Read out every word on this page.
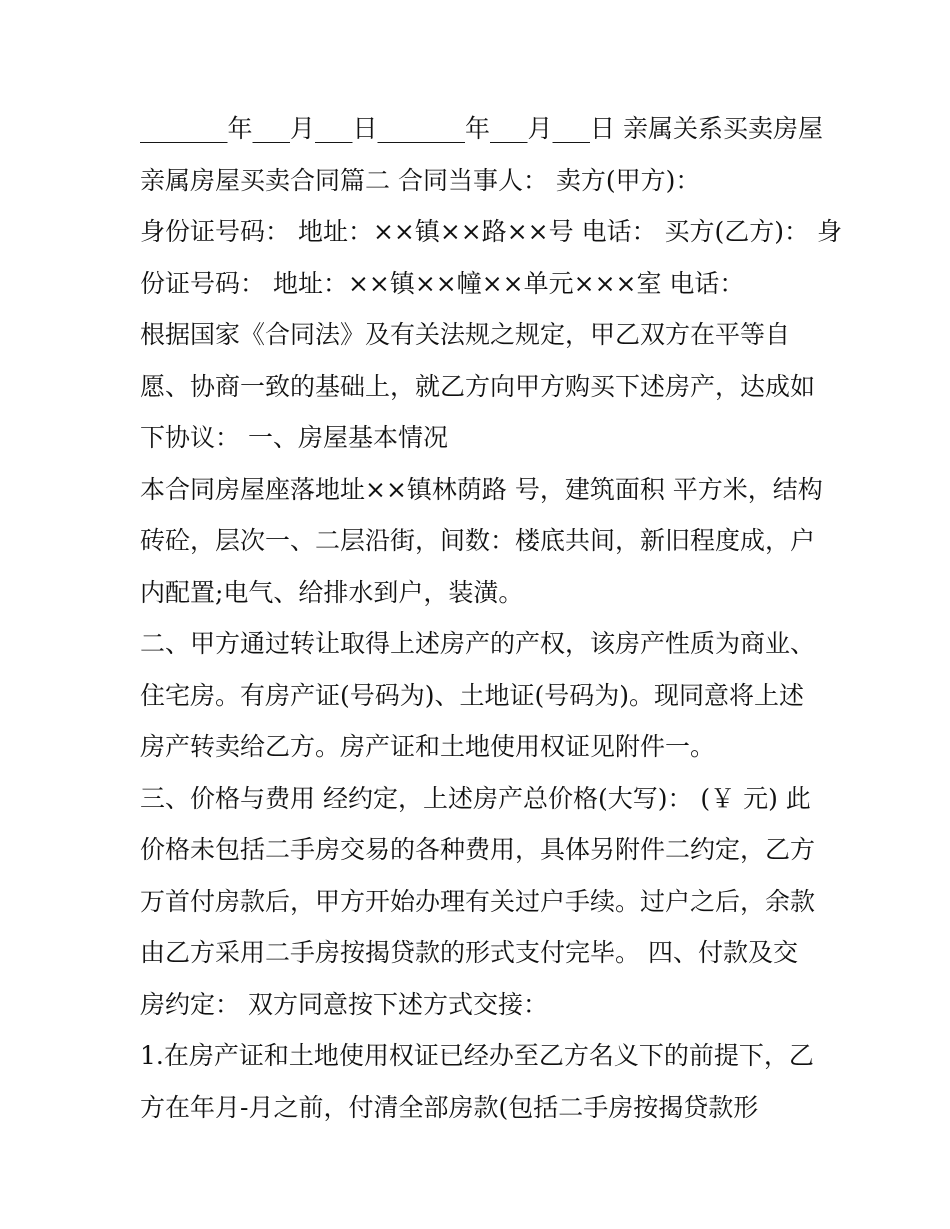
_______年___月___日_______年___月___日 亲属关系买卖房屋
亲属房屋买卖合同篇二 合同当事人： 卖方(甲方)：
身份证号码： 地址：××镇××路××号 电话： 买方(乙方)： 身
份证号码： 地址：××镇××幢××单元×××室 电话：
根据国家《合同法》及有关法规之规定，甲乙双方在平等自
愿、协商一致的基础上，就乙方向甲方购买下述房产，达成如
下协议： 一、房屋基本情况
本合同房屋座落地址××镇林荫路 号，建筑面积 平方米，结构
砖砼，层次一、二层沿街，间数：楼底共间，新旧程度成，户
内配置;电气、给排水到户，装潢。
二、甲方通过转让取得上述房产的产权，该房产性质为商业、
住宅房。有房产证(号码为)、土地证(号码为)。现同意将上述
房产转卖给乙方。房产证和土地使用权证见附件一。
三、价格与费用 经约定，上述房产总价格(大写)： (￥ 元) 此
价格未包括二手房交易的各种费用，具体另附件二约定，乙方
万首付房款后，甲方开始办理有关过户手续。过户之后，余款
由乙方采用二手房按揭贷款的形式支付完毕。 四、付款及交
房约定： 双方同意按下述方式交接：
1.在房产证和土地使用权证已经办至乙方名义下的前提下，乙
方在年月-月之前，付清全部房款(包括二手房按揭贷款形
